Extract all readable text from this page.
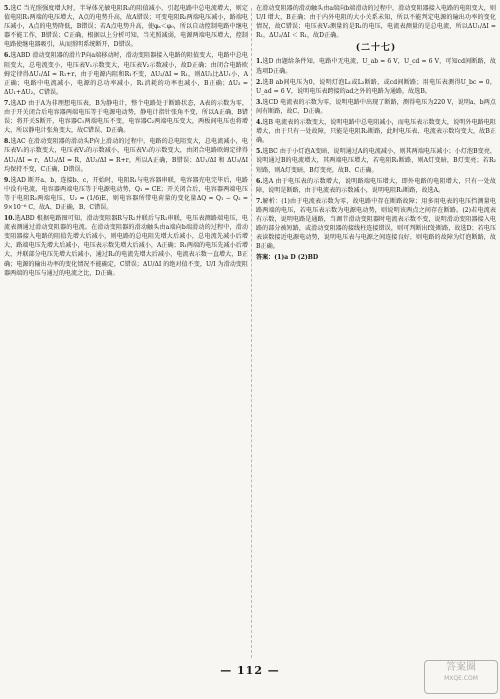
5.选C 当光照强度增大时，半导体光敏电阻R₃的阻值减小，引起电路中总电流增大，则定值电阻R₁两端的电压增大，A点的电势升高，故A错误；可变电阻R₂两端电压减小，路端电压减小，A点的电势降低，B错误；若A点电势升高，使φₐ＜φ₀，所以自动控制电路中继电器不能工作，B错误；C正确，根据以上分析可知，当光照减弱，电源两端电压增大，控制电路使继电器吸引，从而照明系统断开，D错误。
6.选ABD 滑动变阻器的滑片P向a端移动时，滑动变阻器接入电路的阻值变大，电路中总电阻变大，总电流变小，电压表V₁示数变大，电压表V₂示数减小，故D正确；由闭合电路欧姆定律得ΔU₁/ΔI = R₁+r，由于电源内阻和R₁不变，ΔU₂/ΔI = R₁，则ΔU₂比ΔU₁小，A正确；电路中电流减小，电源的总功率减小，R₁消耗的功率也减小，B正确；ΔU₃ = ΔU₁+ΔU₂，C错误。
7.选AD 由于A为非理想电压表，B为静电计，整个电路处于断路状态，A表的示数为零，由于开关闭合后电容器两端电压等于电源电动势，静电计指针张角不变，所以A正确、B错误；将开关S断开，电容器C₁两端电压不变，电容器C₂两端电压变大，两板间电压也将增大，所以静电计张角变大，故C错误、D正确。
8.选AC 在滑动变阻器的滑动头P向上滑动的过程中，电路的总电阻变大，总电流减小，电压表V₁的示数变大，电压表V₂的示数减小，电压表V₃的示数变大，由闭合电路欧姆定律得ΔU₁/ΔI = r，ΔU₂/ΔI = R，ΔU₃/ΔI = R+r，所以A正确，B错误；ΔU₁/ΔI 和 ΔU₃/ΔI 均保持不变，C正确，D错误。
9.选AD 断开a、b，连接b、c，开始时，电阻R₁与电容器串联，电容器充电完毕后，电路中没有电流，电容器两端电压等于电源电动势，Q₁ = CE；开关闭合后，电容器两端电压等于电阻R₂两端电压，U₂ = (1/6)E，则电容器所带电荷量的变化量ΔQ = Q₁ − Q₂ = 9×10⁻⁶ C，故A、D正确，B、C错误。
10.选ABD 根据电路图可知，滑动变阻器R与R₂并联后与R₁串联，电压表测路端电压，电流表测通过滑动变阻器的电流。在滑动变阻器的滑动触头由a端向b端滑动的过程中，滑动变阻器接入电路的阻值先增大后减小，则电路的总电阻先增大后减小，总电流先减小后增大，路端电压先增大后减小，电压表示数先增大后减小，A正确；R₁两端的电压先减小后增大，并联部分电压先增大后减小，通过R₂的电流先增大后减小，电流表示数一直增大，B正确；电源的输出功率的变化情况不能确定，C错误；ΔU/ΔI 的绝对值不变，U/I 为滑动变阻器两端的电压与通过的电流之比，D正确。
在滑动变阻器的滑动触头由a端向b端滑动的过程中，滑动变阻器接入电路的电阻变大，则U/I 增大，B正确；由于内外电阻的大小关系未知，所以不能判定电源的输出功率的变化情况，故C错误；电压表V₂测量的是R₁的电压，电流表测量的是总电流，所以ΔU₁/ΔI = R₁，ΔU₂/ΔI ＜ R₁，故D正确。
(二十七)
1.选D 由题给条件知，电路中无电流，U_ab = 6 V，U_cd = 6 V，可知cd间断路，故选项D正确。
2.选B ab间电压为0，说明灯泡L₁或L₂断路，或cd间断路；用电压表测得U_bc = 0，U_ad = 6 V，说明电压表跨接的ad之外的电路为通路，故选B。
3.选CD 电流表的示数为零，说明电路中出现了断路，测得电压为220 V，说明a、b两点间有断路，故C、D正确。
4.选B 电流表的示数变大，说明电路中总电阻减小，而电压表示数变大，说明外电路电阻增大，由于只有一处故障，只能是电阻R₂断路，此时电压表、电流表示数均变大，故B正确。
5.选BC 由于小灯泡A变暗，说明通过A的电流减小，则其两端电压减小；小灯泡B变亮，说明通过B的电流增大，其两端电压增大，若电阻R₁断路，则A灯变暗，B灯变亮；若R₂短路，则A灯变暗，B灯变亮，故B、C正确。
6.选A 由于电压表的示数增大，说明路端电压增大，即外电路的电阻增大，只有一处故障，说明是断路，由于电流表的示数减小，说明电阻R₁断路，故选A。
7.解析：(1)由于电流表示数为零，故电路中存在断路故障；用多用电表的电压挡测量电路两端的电压，若电压表示数为电源电动势，则说明该两点之间存在断路。(2)若电流表有示数，说明电路是通路，当调节滑动变阻器时电流表示数不变，说明滑动变阻器接入电路的部分被短路，或滑动变阻器的接线柱连接错误，则可判断出f处断路，故选D；若电压表读数接近电源电动势，说明电压表与电源之间连接良好，则电路的故障为灯泡断路，故B正确。
答案：(1)a D (2)BD
— 112 —	答案圈
MXQE.COM
